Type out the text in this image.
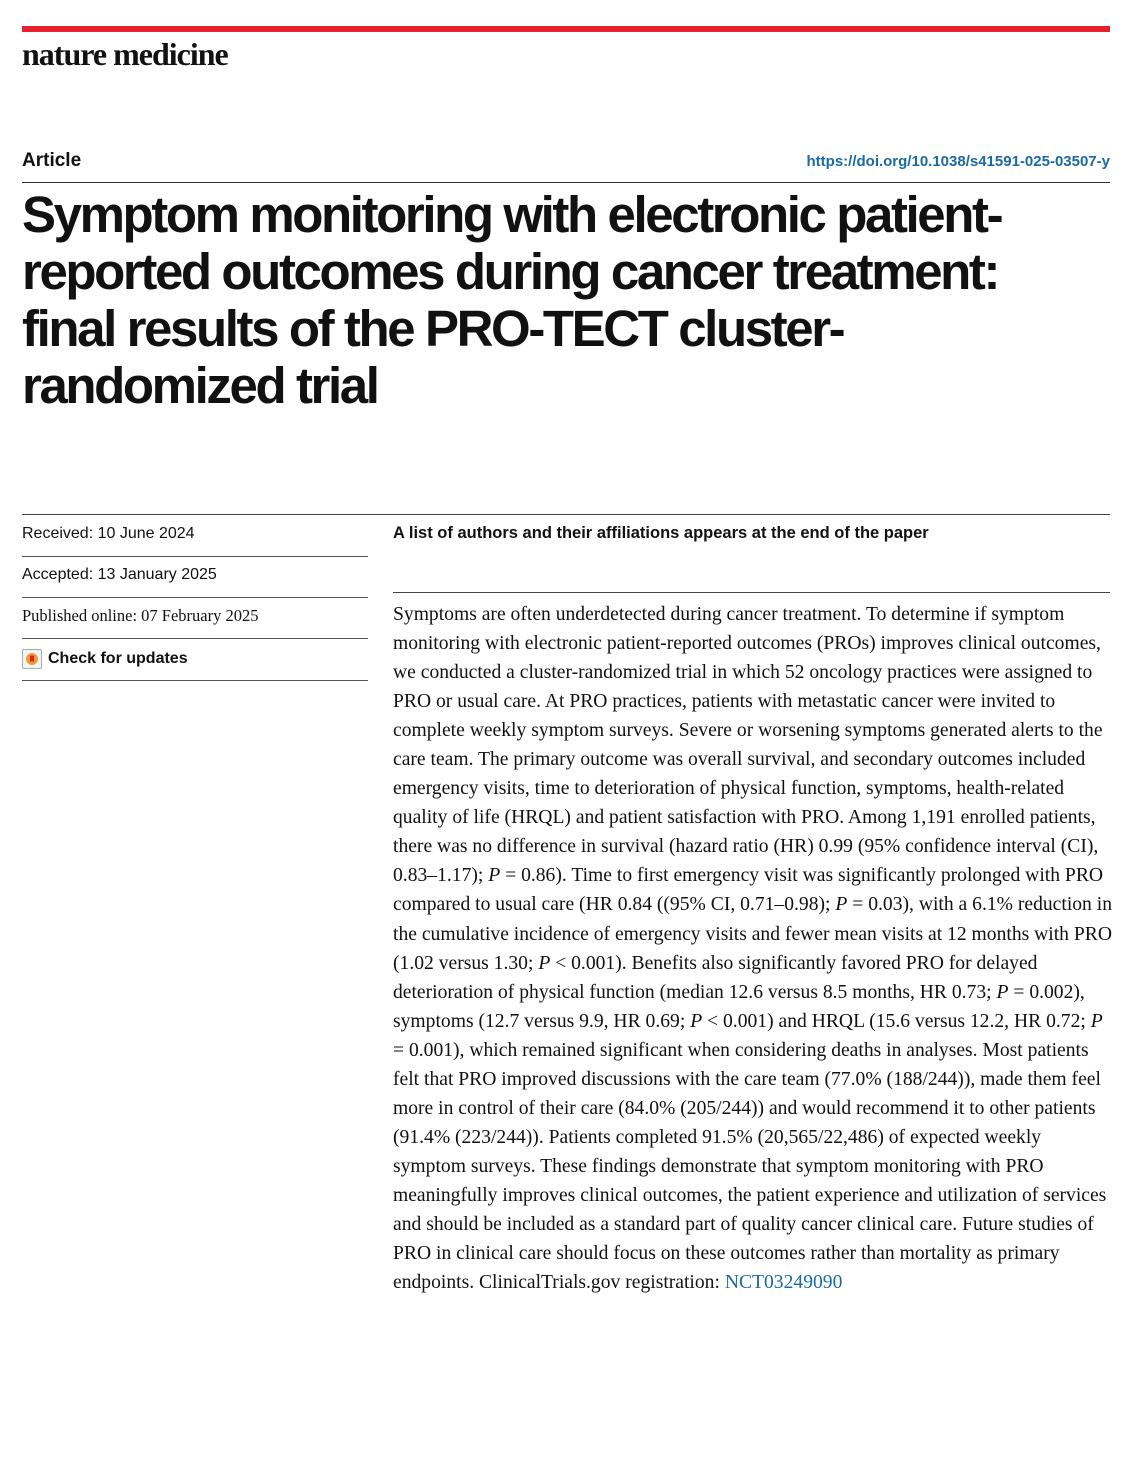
nature medicine
Article	https://doi.org/10.1038/s41591-025-03507-y
Symptom monitoring with electronic patient-reported outcomes during cancer treatment: final results of the PRO-TECT cluster-randomized trial
Received: 10 June 2024
Accepted: 13 January 2025
Published online: 07 February 2025
Check for updates
A list of authors and their affiliations appears at the end of the paper

Symptoms are often underdetected during cancer treatment. To determine if symptom monitoring with electronic patient-reported outcomes (PROs) improves clinical outcomes, we conducted a cluster-randomized trial in which 52 oncology practices were assigned to PRO or usual care. At PRO practices, patients with metastatic cancer were invited to complete weekly symptom surveys. Severe or worsening symptoms generated alerts to the care team. The primary outcome was overall survival, and secondary outcomes included emergency visits, time to deterioration of physical function, symptoms, health-related quality of life (HRQL) and patient satisfaction with PRO. Among 1,191 enrolled patients, there was no difference in survival (hazard ratio (HR) 0.99 (95% confidence interval (CI), 0.83–1.17); P = 0.86). Time to first emergency visit was significantly prolonged with PRO compared to usual care (HR 0.84 ((95% CI, 0.71–0.98); P = 0.03), with a 6.1% reduction in the cumulative incidence of emergency visits and fewer mean visits at 12 months with PRO (1.02 versus 1.30; P < 0.001). Benefits also significantly favored PRO for delayed deterioration of physical function (median 12.6 versus 8.5 months, HR 0.73; P = 0.002), symptoms (12.7 versus 9.9, HR 0.69; P < 0.001) and HRQL (15.6 versus 12.2, HR 0.72; P = 0.001), which remained significant when considering deaths in analyses. Most patients felt that PRO improved discussions with the care team (77.0% (188/244)), made them feel more in control of their care (84.0% (205/244)) and would recommend it to other patients (91.4% (223/244)). Patients completed 91.5% (20,565/22,486) of expected weekly symptom surveys. These findings demonstrate that symptom monitoring with PRO meaningfully improves clinical outcomes, the patient experience and utilization of services and should be included as a standard part of quality cancer clinical care. Future studies of PRO in clinical care should focus on these outcomes rather than mortality as primary endpoints. ClinicalTrials.gov registration: NCT03249090
